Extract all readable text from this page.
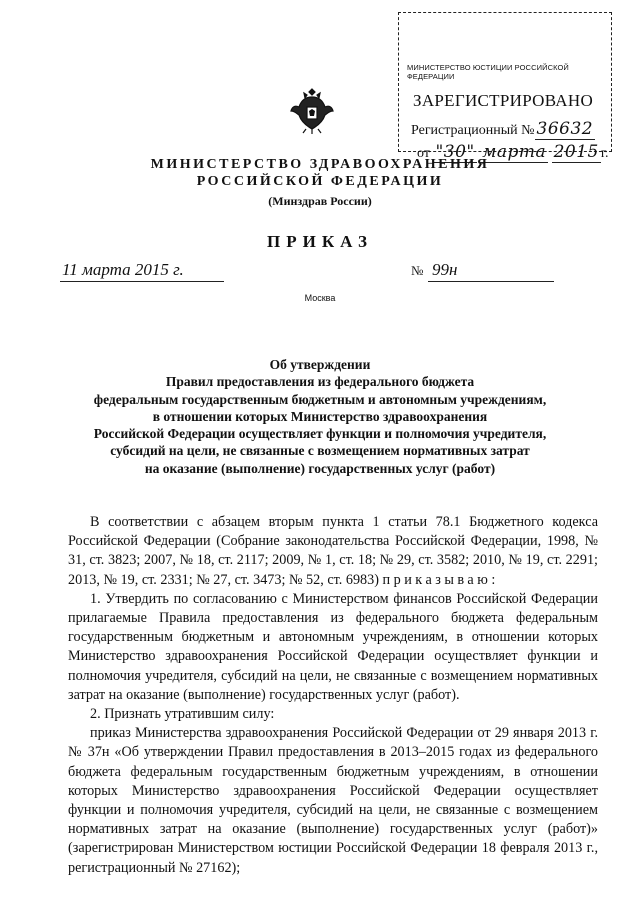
МИНИСТЕРСТВО ЮСТИЦИИ РОССИЙСКОЙ ФЕДЕРАЦИИ
ЗАРЕГИСТРИРОВАНО
Регистрационный № 36632
от "30" марта 2015 г.
МИНИСТЕРСТВО ЗДРАВООХРАНЕНИЯ
РОССИЙСКОЙ ФЕДЕРАЦИИ
(Минздрав России)
ПРИКАЗ
11 марта 2015 г.	№ 99н
Москва
Об утверждении
Правил предоставления из федерального бюджета
федеральным государственным бюджетным и автономным учреждениям,
в отношении которых Министерство здравоохранения
Российской Федерации осуществляет функции и полномочия учредителя,
субсидий на цели, не связанные с возмещением нормативных затрат
на оказание (выполнение) государственных услуг (работ)

В соответствии с абзацем вторым пункта 1 статьи 78.1 Бюджетного кодекса Российской Федерации (Собрание законодательства Российской Федерации, 1998, № 31, ст. 3823; 2007, № 18, ст. 2117; 2009, № 1, ст. 18; № 29, ст. 3582; 2010, № 19, ст. 2291; 2013, № 19, ст. 2331; № 27, ст. 3473; № 52, ст. 6983) приказываю:

1. Утвердить по согласованию с Министерством финансов Российской Федерации прилагаемые Правила предоставления из федерального бюджета федеральным государственным бюджетным и автономным учреждениям, в отношении которых Министерство здравоохранения Российской Федерации осуществляет функции и полномочия учредителя, субсидий на цели, не связанные с возмещением нормативных затрат на оказание (выполнение) государственных услуг (работ).

2. Признать утратившим силу:

приказ Министерства здравоохранения Российской Федерации от 29 января 2013 г. № 37н «Об утверждении Правил предоставления в 2013–2015 годах из федерального бюджета федеральным государственным бюджетным учреждениям, в отношении которых Министерство здравоохранения Российской Федерации осуществляет функции и полномочия учредителя, субсидий на цели, не связанные с возмещением нормативных затрат на оказание (выполнение) государственных услуг (работ)» (зарегистрирован Министерством юстиции Российской Федерации 18 февраля 2013 г., регистрационный № 27162);
